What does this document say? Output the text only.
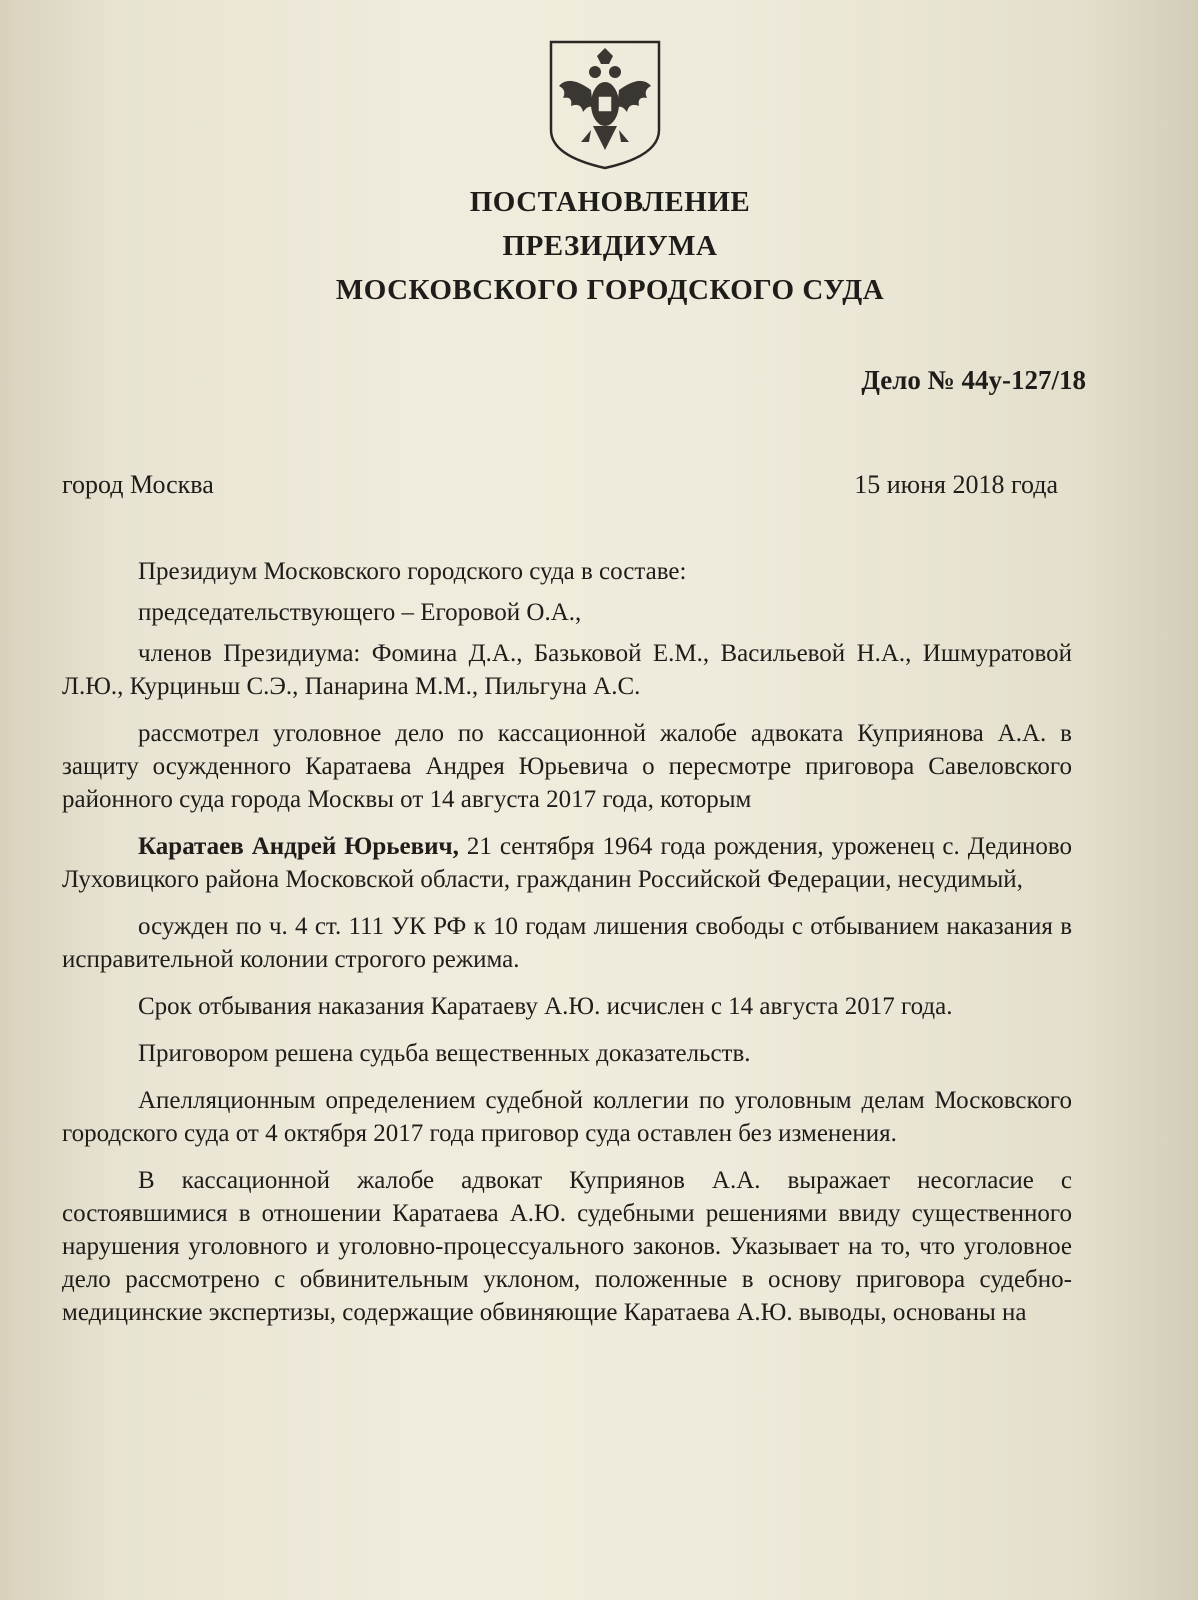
ПОСТАНОВЛЕНИЕ
ПРЕЗИДИУМА
МОСКОВСКОГО ГОРОДСКОГО СУДА
Дело № 44у-127/18
город Москва	15 июня 2018 года

Президиум Московского городского суда в составе:

председательствующего – Егоровой О.А.,

членов Президиума: Фомина Д.А., Базьковой Е.М., Васильевой Н.А., Ишмуратовой Л.Ю., Курциньш С.Э., Панарина М.М., Пильгуна А.С.

рассмотрел уголовное дело по кассационной жалобе адвоката Куприянова А.А. в защиту осужденного Каратаева Андрея Юрьевича о пересмотре приговора Савеловского районного суда города Москвы от 14 августа 2017 года, которым

Каратаев Андрей Юрьевич, 21 сентября 1964 года рождения, уроженец с. Дединово Луховицкого района Московской области, гражданин Российской Федерации, несудимый,

осужден по ч. 4 ст. 111 УК РФ к 10 годам лишения свободы с отбыванием наказания в исправительной колонии строгого режима.

Срок отбывания наказания Каратаеву А.Ю. исчислен с 14 августа 2017 года.

Приговором решена судьба вещественных доказательств.

Апелляционным определением судебной коллегии по уголовным делам Московского городского суда от 4 октября 2017 года приговор суда оставлен без изменения.

В кассационной жалобе адвокат Куприянов А.А. выражает несогласие с состоявшимися в отношении Каратаева А.Ю. судебными решениями ввиду существенного нарушения уголовного и уголовно-процессуального законов. Указывает на то, что уголовное дело рассмотрено с обвинительным уклоном, положенные в основу приговора судебно-медицинские экспертизы, содержащие обвиняющие Каратаева А.Ю. выводы, основаны на
